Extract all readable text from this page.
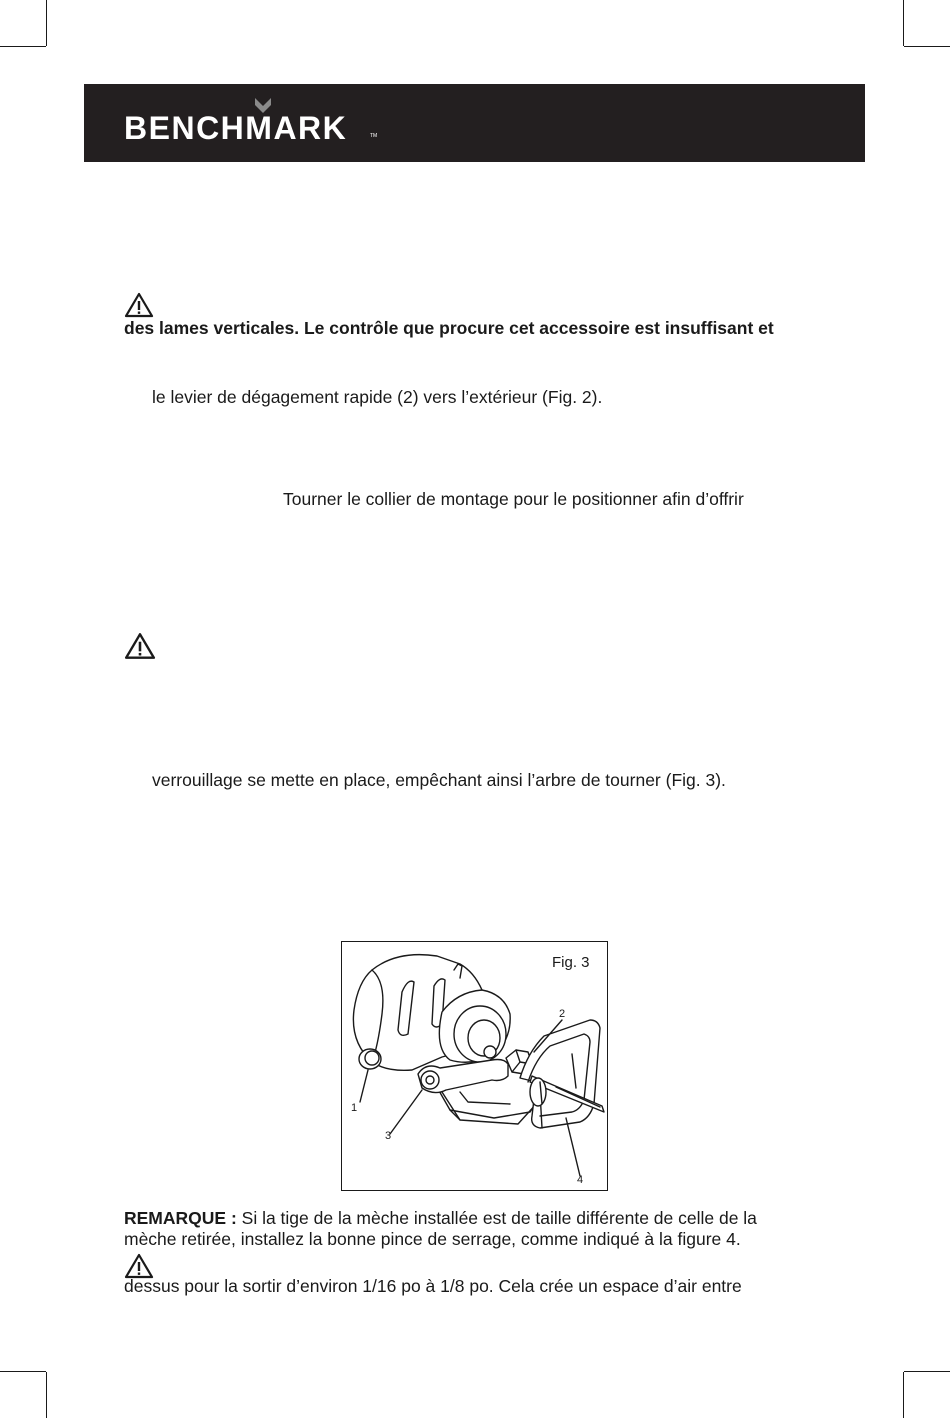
BENCHMARK	TM
des lames verticales. Le contrôle que procure cet accessoire est insuffisant et
le levier de dégagement rapide (2) vers l’extérieur (Fig. 2).
Tourner le collier de montage pour le positionner afin d’offrir
verrouillage se mette en place, empêchant ainsi l’arbre de tourner (Fig. 3).
Fig. 3
1
2
3
4
REMARQUE : Si la tige de la mèche installée est de taille différente de celle de la
mèche retirée, installez la bonne pince de serrage, comme indiqué à la figure 4.
dessus pour la sortir d’environ 1/16 po à 1/8 po. Cela crée un espace d’air entre
